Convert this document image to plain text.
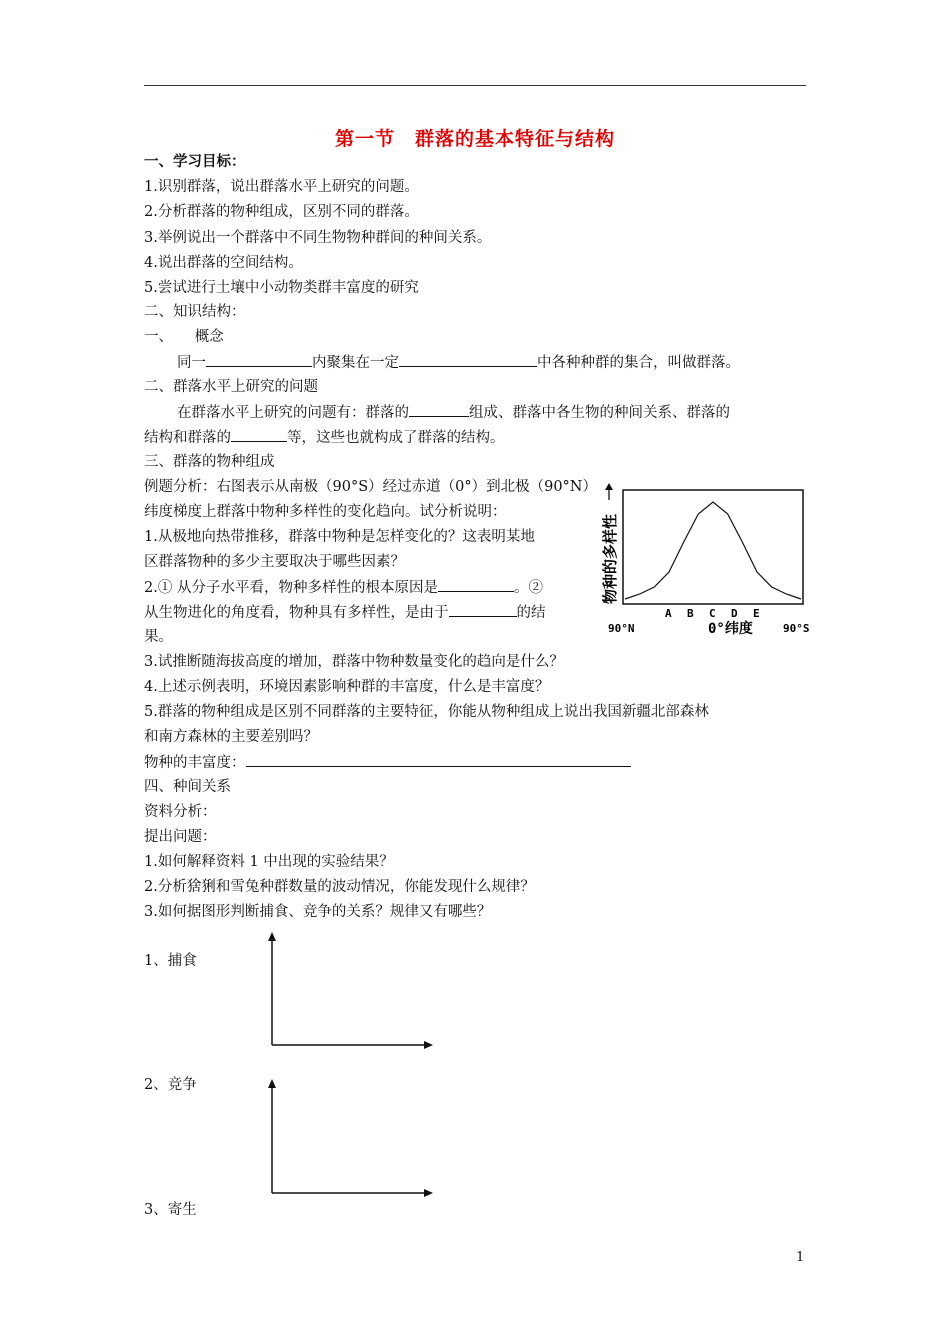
第一节　群落的基本特征与结构
一、学习目标：
1.识别群落，说出群落水平上研究的问题。
2.分析群落的物种组成，区别不同的群落。
3.举例说出一个群落中不同生物物种群间的种间关系。
4.说出群落的空间结构。
5.尝试进行土壤中小动物类群丰富度的研究
二、知识结构：
一、　　概念
同一	内聚集在一定	中各种种群的集合，叫做群落。
二、群落水平上研究的问题
在群落水平上研究的问题有：群落的	组成、群落中各生物的种间关系、群落的
结构和群落的	等，这些也就构成了群落的结构。
三、群落的物种组成
例题分析：右图表示从南极（90°S）经过赤道（0°）到北极（90°N）
纬度梯度上群落中物种多样性的变化趋向。试分析说明：
1.从极地向热带推移，群落中物种是怎样变化的？这表明某地
区群落物种的多少主要取决于哪些因素？
2.① 从分子水平看，物种多样性的根本原因是	。②
从生物进化的角度看，物种具有多样性，是由于	的结
果。
3.试推断随海拔高度的增加，群落中物种数量变化的趋向是什么？
4.上述示例表明，环境因素影响种群的丰富度，什么是丰富度？
5.群落的物种组成是区别不同群落的主要特征，你能从物种组成上说出我国新疆北部森林
和南方森林的主要差别吗？
物种的丰富度：
四、种间关系
资料分析：
提出问题：
1.如何解释资料 1 中出现的实验结果？
2.分析猞猁和雪兔种群数量的波动情况，你能发现什么规律？
3.如何据图形判断捕食、竞争的关系？规律又有哪些？
1、捕食
2、竞争
3、寄生
A B C D E
物种的多样性
90°N	0°纬度	90°S
1
